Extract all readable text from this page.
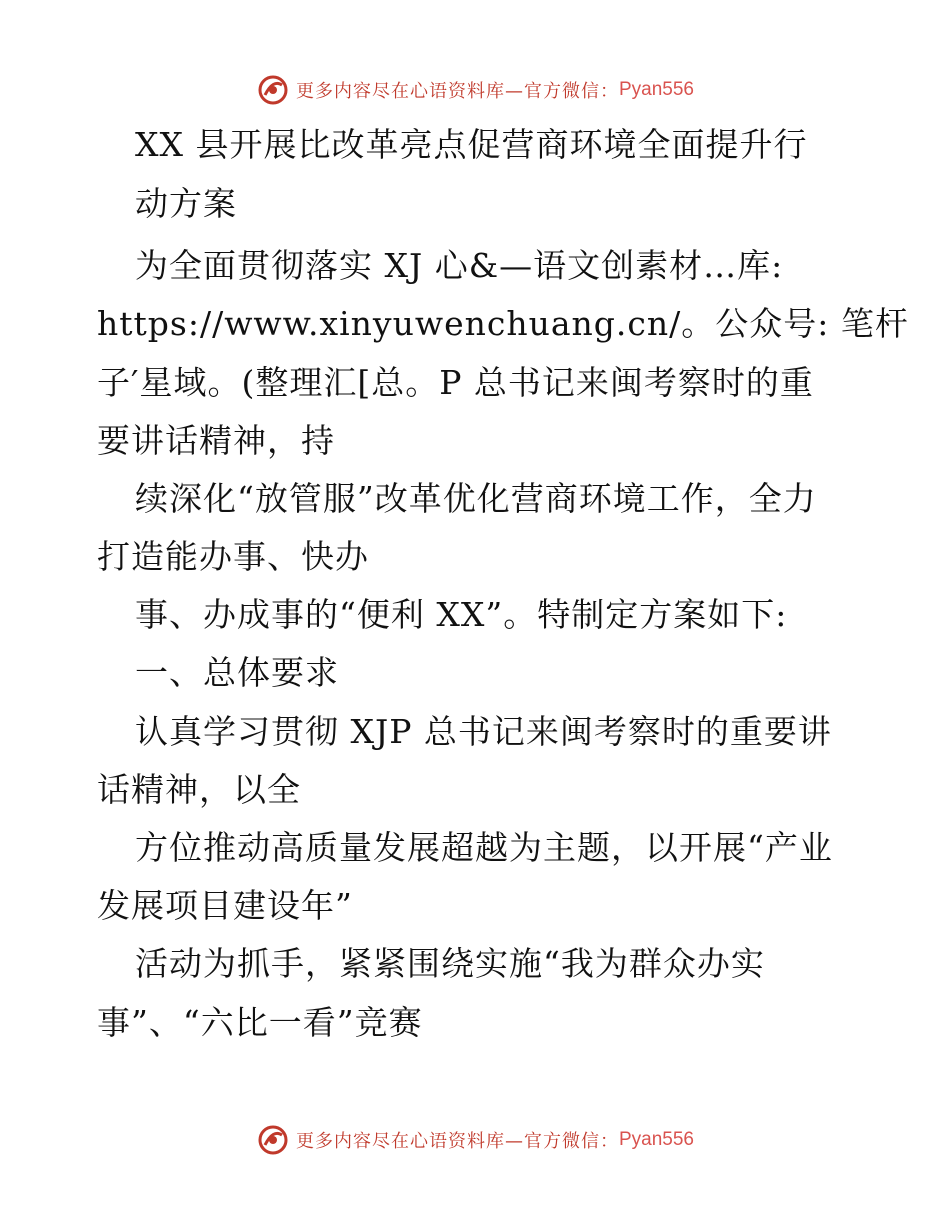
更多内容尽在心语资料库—官方微信： Pyan556
XX 县开展比改革亮点促营商环境全面提升行
动方案
为全面贯彻落实 XJ 心&—语文创素材…库:
https://www.xinyuwenchuang.cn/。公众号: 笔杆
子′星域。(整理汇[总。P 总书记来闽考察时的重
要讲话精神，持
续深化“放管服”改革优化营商环境工作，全力
打造能办事、快办
事、办成事的“便利 XX”。特制定方案如下:
一、总体要求
认真学习贯彻 XJP 总书记来闽考察时的重要讲
话精神，以全
方位推动高质量发展超越为主题，以开展“产业
发展项目建设年”
活动为抓手，紧紧围绕实施“我为群众办实
事”、“六比一看”竞赛
更多内容尽在心语资料库—官方微信： Pyan556
